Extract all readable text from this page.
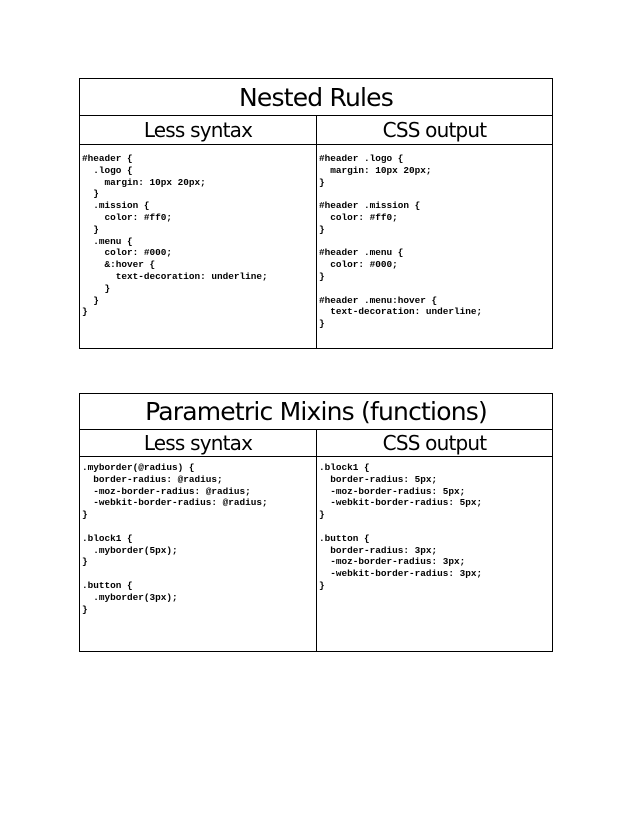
Nested Rules
Less syntax	CSS output
#header {
.logo {
margin: 10px 20px;
}
.mission {
color: #ff0;
}
.menu {
color: #000;
&:hover {
text-decoration: underline;
}
}
}
#header .logo {
margin: 10px 20px;
}

#header .mission {
color: #ff0;
}

#header .menu {
color: #000;
}

#header .menu:hover {
text-decoration: underline;
}
Parametric Mixins (functions)
Less syntax	CSS output
.myborder(@radius) {
border-radius: @radius;
-moz-border-radius: @radius;
-webkit-border-radius: @radius;
}

.block1 {
.myborder(5px);
}

.button {
.myborder(3px);
}
.block1 {
border-radius: 5px;
-moz-border-radius: 5px;
-webkit-border-radius: 5px;
}

.button {
border-radius: 3px;
-moz-border-radius: 3px;
-webkit-border-radius: 3px;
}
